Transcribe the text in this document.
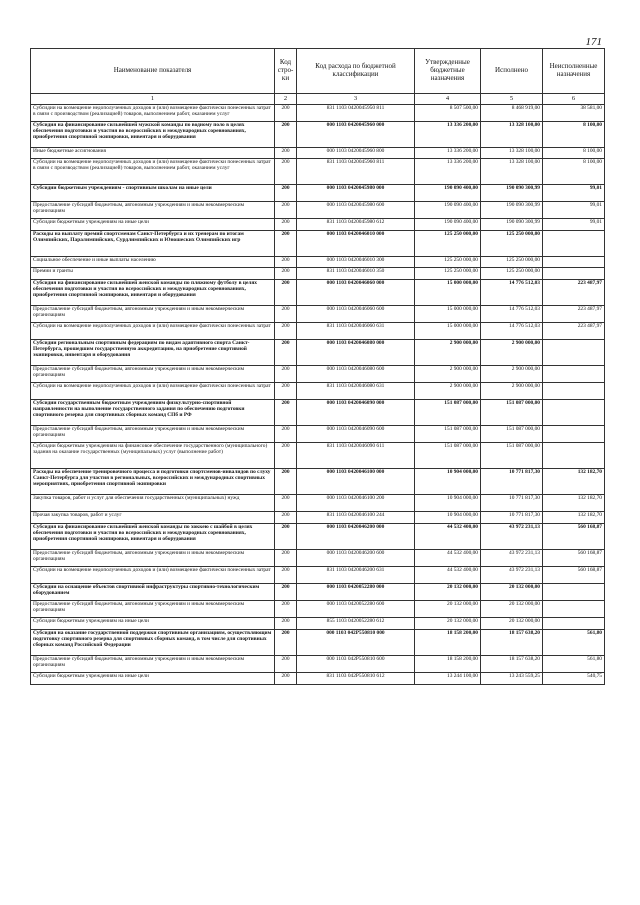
171
Наименование показателя	Код стро-ки	Код расхода по бюджетной классификации	Утвержденные бюджетные назначения	Исполнено	Неисполненные назначения
1	2	3	4	5	6
Субсидии на возмещение недополученных доходов и (или) возмещение фактически понесенных затрат в связи с производством (реализацией) товаров, выполнением работ, оказанием услуг	200	831 1103 0420045950 811	8 507 500,00	8 468 919,00	38 581,00
Субсидия на финансирование сильнейшей мужской команды по водному поло в целях обеспечения подготовки и участия во всероссийских и международных соревнованиях, приобретения спортивной экипировки, инвентаря и оборудования	200	000 1103 0420045960 000	13 336 200,00	13 328 100,00	8 100,00
Иные бюджетные ассигнования	200	000 1103 0420045960 800	13 336 200,00	13 328 100,00	8 100,00
Субсидии на возмещение недополученных доходов и (или) возмещение фактически понесенных затрат в связи с производством (реализацией) товаров, выполнением работ, оказанием услуг	200	831 1103 0420045960 811	13 336 200,00	13 328 100,00	8 100,00
Субсидии бюджетным учреждениям - спортивным школам на иные цели	200	000 1103 0420045980 000	190 090 400,00	190 090 300,99	99,01
Предоставление субсидий бюджетным, автономным учреждениям и иным некоммерческим организациям	200	000 1103 0420045980 600	190 090 400,00	190 090 300,99	99,01
Субсидии бюджетным учреждениям на иные цели	200	831 1103 0420045980 612	190 090 400,00	190 090 300,99	99,01
Расходы на выплату премий спортсменам Санкт-Петербурга и их тренерам по итогам Олимпийских, Паралимпийских, Сурдлимпийских и Юношеских Олимпийских игр	200	000 1103 0420046010 000	125 250 000,00	125 250 000,00	
Социальное обеспечение и иные выплаты населению	200	000 1103 0420046010 300	125 250 000,00	125 250 000,00	
Премии и гранты	200	831 1103 0420046010 350	125 250 000,00	125 250 000,00	
Субсидия на финансирование сильнейшей женской команды по пляжному футболу в целях обеспечения подготовки и участия во всероссийских и международных соревнованиях, приобретения спортивной экипировки, инвентаря и оборудования	200	000 1103 0420046060 000	15 000 000,00	14 776 512,03	223 487,97
Предоставление субсидий бюджетным, автономным учреждениям и иным некоммерческим организациям	200	000 1103 0420046060 600	15 000 000,00	14 776 512,03	223 487,97
Субсидии на возмещение недополученных доходов и (или) возмещение фактически понесенных затрат	200	831 1103 0420046060 631	15 000 000,00	14 776 512,03	223 487,97
Субсидии региональным спортивным федерациям по видам адаптивного спорта Санкт-Петербурга, прошедшим государственную аккредитацию, на приобретение спортивной экипировки, инвентаря и оборудования	200	000 1103 0420046080 000	2 900 000,00	2 900 000,00	
Предоставление субсидий бюджетным, автономным учреждениям и иным некоммерческим организациям	200	000 1103 0420046080 600	2 900 000,00	2 900 000,00	
Субсидии на возмещение недополученных доходов и (или) возмещение фактически понесенных затрат	200	831 1103 0420046080 631	2 900 000,00	2 900 000,00	
Субсидии государственным бюджетным учреждениям физкультурно-спортивной направленности на выполнение государственного задания по обеспечению подготовки спортивного резерва для спортивных сборных команд СПб и РФ	200	000 1103 0420046090 000	151 087 000,00	151 087 000,00	
Предоставление субсидий бюджетным, автономным учреждениям и иным некоммерческим организациям	200	000 1103 0420046090 600	151 087 000,00	151 087 000,00	
Субсидии бюджетным учреждениям на финансовое обеспечение государственного (муниципального) задания на оказание государственных (муниципальных) услуг (выполнение работ)	200	831 1103 0420046090 611	151 087 000,00	151 087 000,00	
Расходы на обеспечение тренировочного процесса и подготовки спортсменов-инвалидов по слуху Санкт-Петербурга для участия в региональных, всероссийских и международных спортивных мероприятиях, приобретения спортивной экипировки	200	000 1103 0420046100 000	10 904 000,00	10 771 817,30	132 182,70
Закупка товаров, работ и услуг для обеспечения государственных (муниципальных) нужд	200	000 1103 0420046100 200	10 904 000,00	10 771 817,30	132 182,70
Прочая закупка товаров, работ и услуг	200	831 1103 0420046100 244	10 904 000,00	10 771 817,30	132 182,70
Субсидия на финансирование сильнейшей женской команды по хоккею с шайбой в целях обеспечения подготовки и участия во всероссийских и международных соревнованиях, приобретения спортивной экипировки, инвентаря и оборудования	200	000 1103 0420046200 000	44 532 400,00	43 972 231,13	560 168,87
Предоставление субсидий бюджетным, автономным учреждениям и иным некоммерческим организациям	200	000 1103 0420046200 600	44 532 400,00	43 972 231,13	560 168,87
Субсидии на возмещение недополученных доходов и (или) возмещение фактически понесенных затрат	200	831 1103 0420046200 631	44 532 400,00	43 972 231,13	560 168,87
Субсидии на оснащение объектов спортивной инфраструктуры спортивно-технологическим оборудованием	200	000 1103 0420052280 000	20 132 000,00	20 132 000,00	
Предоставление субсидий бюджетным, автономным учреждениям и иным некоммерческим организациям	200	000 1103 0420052280 600	20 132 000,00	20 132 000,00	
Субсидии бюджетным учреждениям на иные цели	200	855 1103 0420052280 612	20 132 000,00	20 132 000,00	
Субсидия на оказание государственной поддержки спортивным организациям, осуществляющим подготовку спортивного резерва для спортивных сборных команд, в том числе для спортивных сборных команд Российской Федерации	200	000 1103 042P550810 000	18 158 200,00	18 157 638,20	561,80
Предоставление субсидий бюджетным, автономным учреждениям и иным некоммерческим организациям	200	000 1103 042P550810 600	18 158 200,00	18 157 638,20	561,80
Субсидии бюджетным учреждениям на иные цели	200	831 1103 042P550810 612	13 244 100,00	13 243 559,25	540,75
